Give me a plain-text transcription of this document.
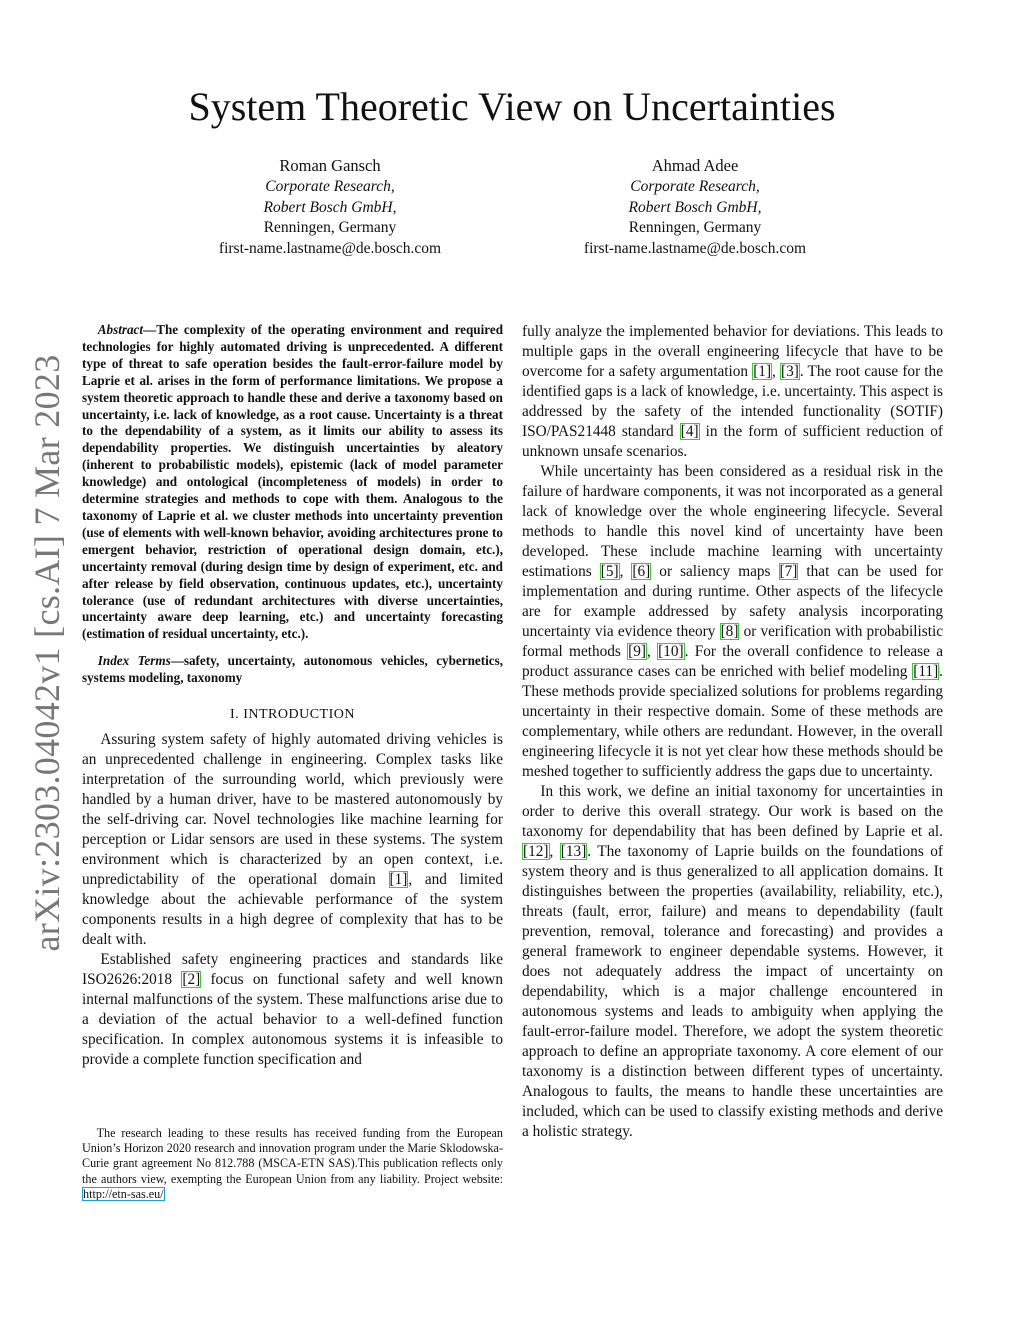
arXiv:2303.04042v1 [cs.AI] 7 Mar 2023
System Theoretic View on Uncertainties
Roman Gansch
Corporate Research,
Robert Bosch GmbH,
Renningen, Germany
first-name.lastname@de.bosch.com
Ahmad Adee
Corporate Research,
Robert Bosch GmbH,
Renningen, Germany
first-name.lastname@de.bosch.com
Abstract—The complexity of the operating environment and required technologies for highly automated driving is unprecedented. A different type of threat to safe operation besides the fault-error-failure model by Laprie et al. arises in the form of performance limitations. We propose a system theoretic approach to handle these and derive a taxonomy based on uncertainty, i.e. lack of knowledge, as a root cause. Uncertainty is a threat to the dependability of a system, as it limits our ability to assess its dependability properties. We distinguish uncertainties by aleatory (inherent to probabilistic models), epistemic (lack of model parameter knowledge) and ontological (incompleteness of models) in order to determine strategies and methods to cope with them. Analogous to the taxonomy of Laprie et al. we cluster methods into uncertainty prevention (use of elements with well-known behavior, avoiding architectures prone to emergent behavior, restriction of operational design domain, etc.), uncertainty removal (during design time by design of experiment, etc. and after release by field observation, continuous updates, etc.), uncertainty tolerance (use of redundant architectures with diverse uncertainties, uncertainty aware deep learning, etc.) and uncertainty forecasting (estimation of residual uncertainty, etc.).
Index Terms—safety, uncertainty, autonomous vehicles, cybernetics, systems modeling, taxonomy
I. INTRODUCTION

Assuring system safety of highly automated driving vehicles is an unprecedented challenge in engineering. Complex tasks like interpretation of the surrounding world, which previously were handled by a human driver, have to be mastered autonomously by the self-driving car. Novel technologies like machine learning for perception or Lidar sensors are used in these systems. The system environment which is characterized by an open context, i.e. unpredictability of the operational domain [1], and limited knowledge about the achievable performance of the system components results in a high degree of complexity that has to be dealt with.

Established safety engineering practices and standards like ISO2626:2018 [2] focus on functional safety and well known internal malfunctions of the system. These malfunctions arise due to a deviation of the actual behavior to a well-defined function specification. In complex autonomous systems it is infeasible to provide a complete function specification and

fully analyze the implemented behavior for deviations. This leads to multiple gaps in the overall engineering lifecycle that have to be overcome for a safety argumentation [1], [3]. The root cause for the identified gaps is a lack of knowledge, i.e. uncertainty. This aspect is addressed by the safety of the intended functionality (SOTIF) ISO/PAS21448 standard [4] in the form of sufficient reduction of unknown unsafe scenarios.

While uncertainty has been considered as a residual risk in the failure of hardware components, it was not incorporated as a general lack of knowledge over the whole engineering lifecycle. Several methods to handle this novel kind of uncertainty have been developed. These include machine learning with uncertainty estimations [5], [6] or saliency maps [7] that can be used for implementation and during runtime. Other aspects of the lifecycle are for example addressed by safety analysis incorporating uncertainty via evidence theory [8] or verification with probabilistic formal methods [9], [10]. For the overall confidence to release a product assurance cases can be enriched with belief modeling [11]. These methods provide specialized solutions for problems regarding uncertainty in their respective domain. Some of these methods are complementary, while others are redundant. However, in the overall engineering lifecycle it is not yet clear how these methods should be meshed together to sufficiently address the gaps due to uncertainty.

In this work, we define an initial taxonomy for uncertainties in order to derive this overall strategy. Our work is based on the taxonomy for dependability that has been defined by Laprie et al. [12], [13]. The taxonomy of Laprie builds on the foundations of system theory and is thus generalized to all application domains. It distinguishes between the properties (availability, reliability, etc.), threats (fault, error, failure) and means to dependability (fault prevention, removal, tolerance and forecasting) and provides a general framework to engineer dependable systems. However, it does not adequately address the impact of uncertainty on dependability, which is a major challenge encountered in autonomous systems and leads to ambiguity when applying the fault-error-failure model. Therefore, we adopt the system theoretic approach to define an appropriate taxonomy. A core element of our taxonomy is a distinction between different types of uncertainty. Analogous to faults, the means to handle these uncertainties are included, which can be used to classify existing methods and derive a holistic strategy.

The research leading to these results has received funding from the European Union’s Horizon 2020 research and innovation program under the Marie Sklodowska-Curie grant agreement No 812.788 (MSCA-ETN SAS).This publication reflects only the authors view, exempting the European Union from any liability. Project website: http://etn-sas.eu/
